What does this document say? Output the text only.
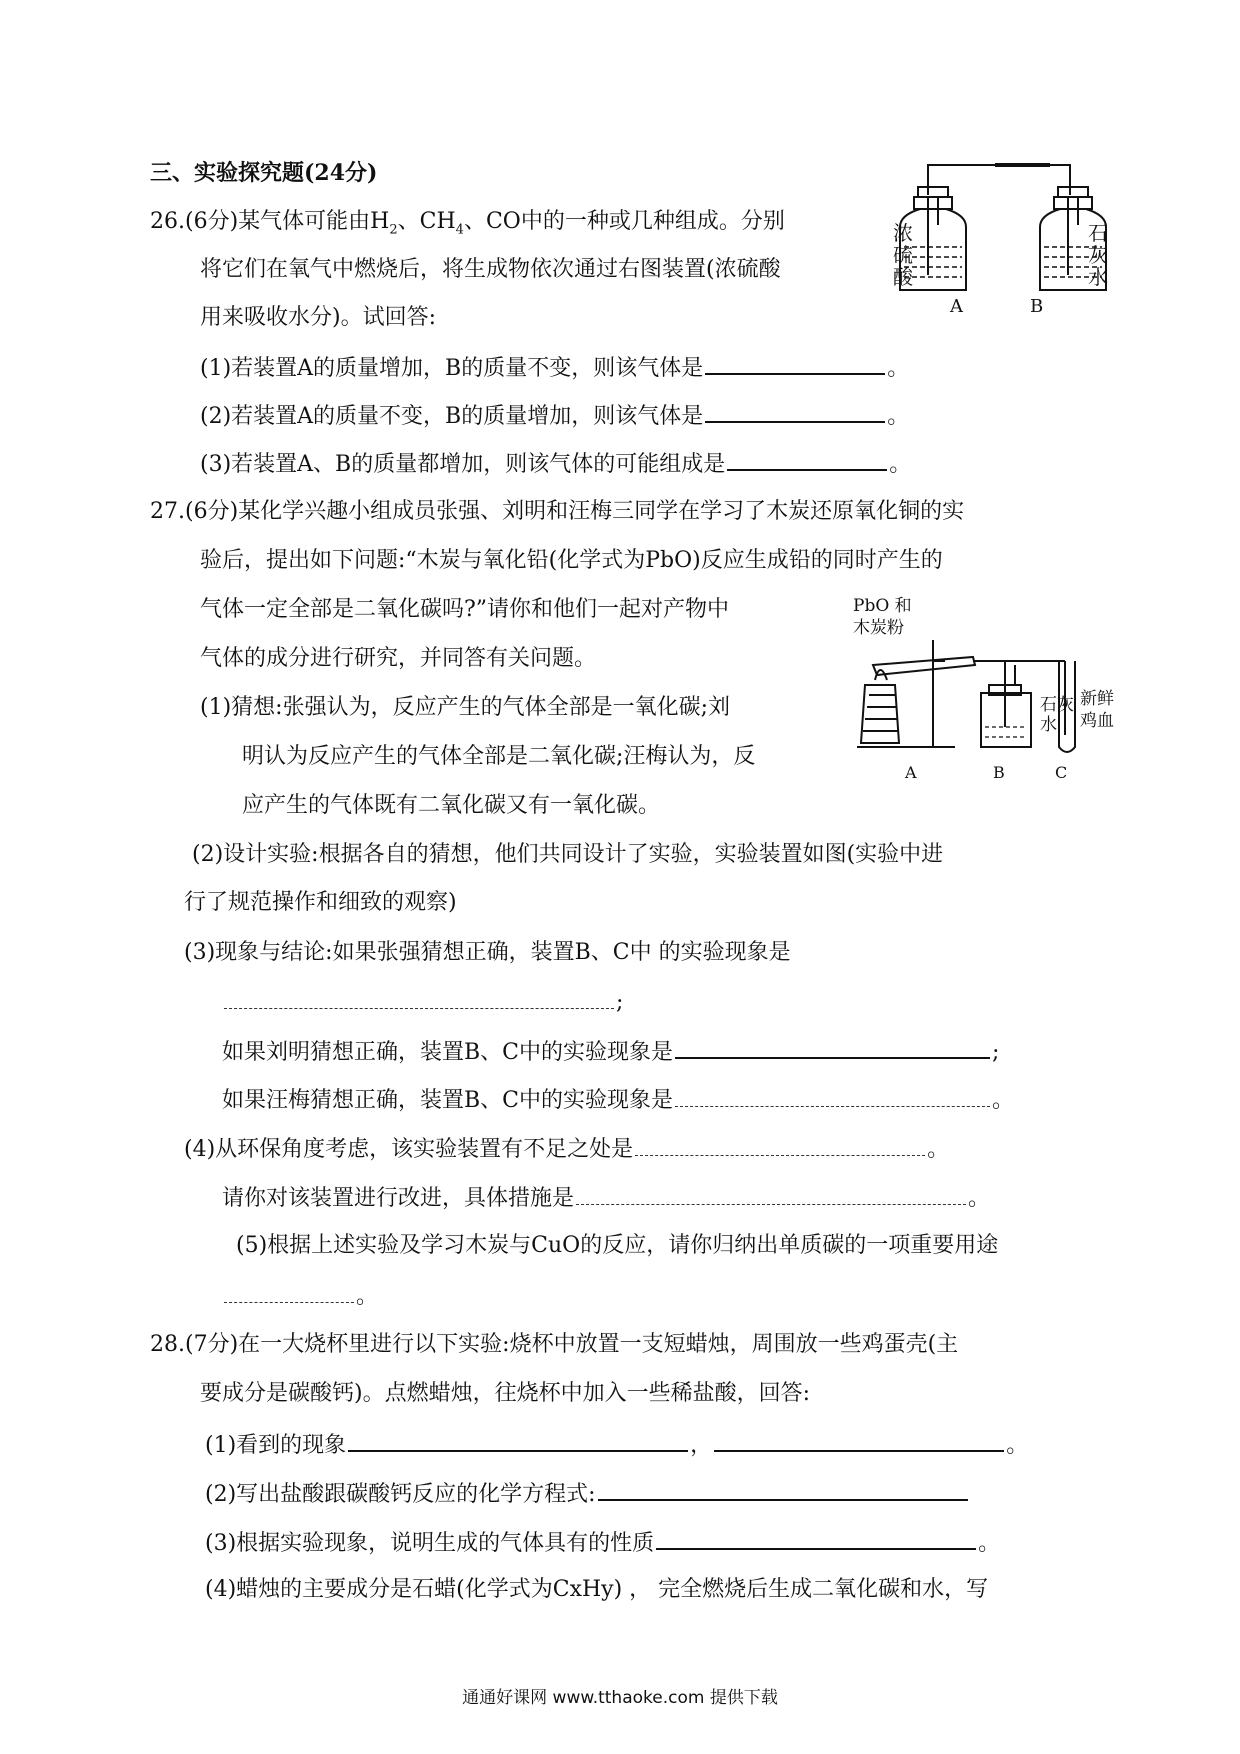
三、实验探究题(24分)
浓硫酸
石灰水
A	B
26.(6分)某气体可能由$H_2$、$CH_4$、CO中的一种或几种组成。分别
将它们在氧气中燃烧后，将生成物依次通过右图装置(浓硫酸
用来吸收水分)。试回答:
(1)若装置A的质量增加，B的质量不变，则该气体是	。
(2)若装置A的质量不变，B的质量增加，则该气体是	。
(3)若装置A、B的质量都增加，则该气体的可能组成是	。
27.(6分)某化学兴趣小组成员张强、刘明和汪梅三同学在学习了木炭还原氧化铜的实
验后，提出如下问题:“木炭与氧化铅(化学式为PbO)反应生成铅的同时产生的
气体一定全部是二氧化碳吗?”请你和他们一起对产物中
气体的成分进行研究，并同答有关问题。
(1)猜想:张强认为，反应产生的气体全部是一氧化碳;刘
明认为反应产生的气体全部是二氧化碳;汪梅认为，反
应产生的气体既有二氧化碳又有一氧化碳。
PbO 和
木炭粉
石灰水
新鲜鸡血
A	B	C
(2)设计实验:根据各自的猜想，他们共同设计了实验，实验装置如图(实验中进
行了规范操作和细致的观察)
(3)现象与结论:如果张强猜想正确，装置B、C中 的实验现象是
;
如果刘明猜想正确，装置B、C中的实验现象是	;
如果汪梅猜想正确，装置B、C中的实验现象是	。
(4)从环保角度考虑，该实验装置有不足之处是	。
请你对该装置进行改进，具体措施是	。
(5)根据上述实验及学习木炭与CuO的反应，请你归纳出单质碳的一项重要用途
。
28.(7分)在一大烧杯里进行以下实验:烧杯中放置一支短蜡烛，周围放一些鸡蛋壳(主
要成分是碳酸钙)。点燃蜡烛，往烧杯中加入一些稀盐酸，回答:
(1)看到的现象	，	。
(2)写出盐酸跟碳酸钙反应的化学方程式:
(3)根据实验现象，说明生成的气体具有的性质	。
(4)蜡烛的主要成分是石蜡(化学式为CxHy) ， 完全燃烧后生成二氧化碳和水，写
通通好课网 www.tthaoke.com 提供下载
